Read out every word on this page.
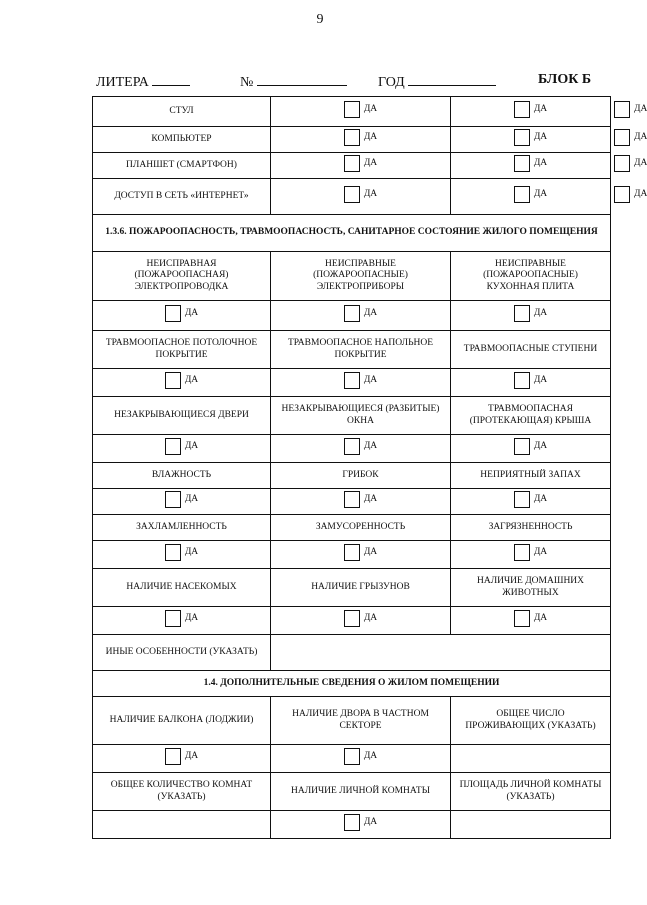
9
ЛИТЕРА	№	ГОД	БЛОК Б
СТУЛ	ДА	ДА	ДА

КОМПЬЮТЕР	ДА	ДА	ДА

ПЛАНШЕТ (СМАРТФОН)	ДА	ДА	ДА

ДОСТУП В СЕТЬ «ИНТЕРНЕТ»	ДА	ДА	ДА

1.3.6. ПОЖАРООПАСНОСТЬ, ТРАВМООПАСНОСТЬ, САНИТАРНОЕ СОСТОЯНИЕ ЖИЛОГО ПОМЕЩЕНИЯ			
НЕИСПРАВНАЯ (ПОЖАРООПАСНАЯ) ЭЛЕКТРОПРОВОДКА	НЕИСПРАВНЫЕ (ПОЖАРООПАСНЫЕ) ЭЛЕКТРОПРИБОРЫ	НЕИСПРАВНЫЕ (ПОЖАРООПАСНЫЕ) КУХОННАЯ ПЛИТА	

ДА	ДА	ДА	

ТРАВМООПАСНОЕ ПОТОЛОЧНОЕ ПОКРЫТИЕ	ТРАВМООПАСНОЕ НАПОЛЬНОЕ ПОКРЫТИЕ	ТРАВМООПАСНЫЕ СТУПЕНИ	

ДА	ДА	ДА	

НЕЗАКРЫВАЮЩИЕСЯ ДВЕРИ	НЕЗАКРЫВАЮЩИЕСЯ (РАЗБИТЫЕ) ОКНА	ТРАВМООПАСНАЯ (ПРОТЕКАЮЩАЯ) КРЫША	

ДА	ДА	ДА	

ВЛАЖНОСТЬ	ГРИБОК	НЕПРИЯТНЫЙ ЗАПАХ	

ДА	ДА	ДА	

ЗАХЛАМЛЕННОСТЬ	ЗАМУСОРЕННОСТЬ	ЗАГРЯЗНЕННОСТЬ	

ДА	ДА	ДА	

НАЛИЧИЕ НАСЕКОМЫХ	НАЛИЧИЕ ГРЫЗУНОВ	НАЛИЧИЕ ДОМАШНИХ ЖИВОТНЫХ	

ДА	ДА	ДА	

ИНЫЕ ОСОБЕННОСТИ (УКАЗАТЬ)			
1.4. ДОПОЛНИТЕЛЬНЫЕ СВЕДЕНИЯ О ЖИЛОМ ПОМЕЩЕНИИ			
НАЛИЧИЕ БАЛКОНА (ЛОДЖИИ)	НАЛИЧИЕ ДВОРА В ЧАСТНОМ СЕКТОРЕ	ОБЩЕЕ ЧИСЛО ПРОЖИВАЮЩИХ (УКАЗАТЬ)	

ДА	ДА		

ОБЩЕЕ КОЛИЧЕСТВО КОМНАТ (УКАЗАТЬ)	НАЛИЧИЕ ЛИЧНОЙ КОМНАТЫ	ПЛОЩАДЬ ЛИЧНОЙ КОМНАТЫ (УКАЗАТЬ)	

	ДА		
